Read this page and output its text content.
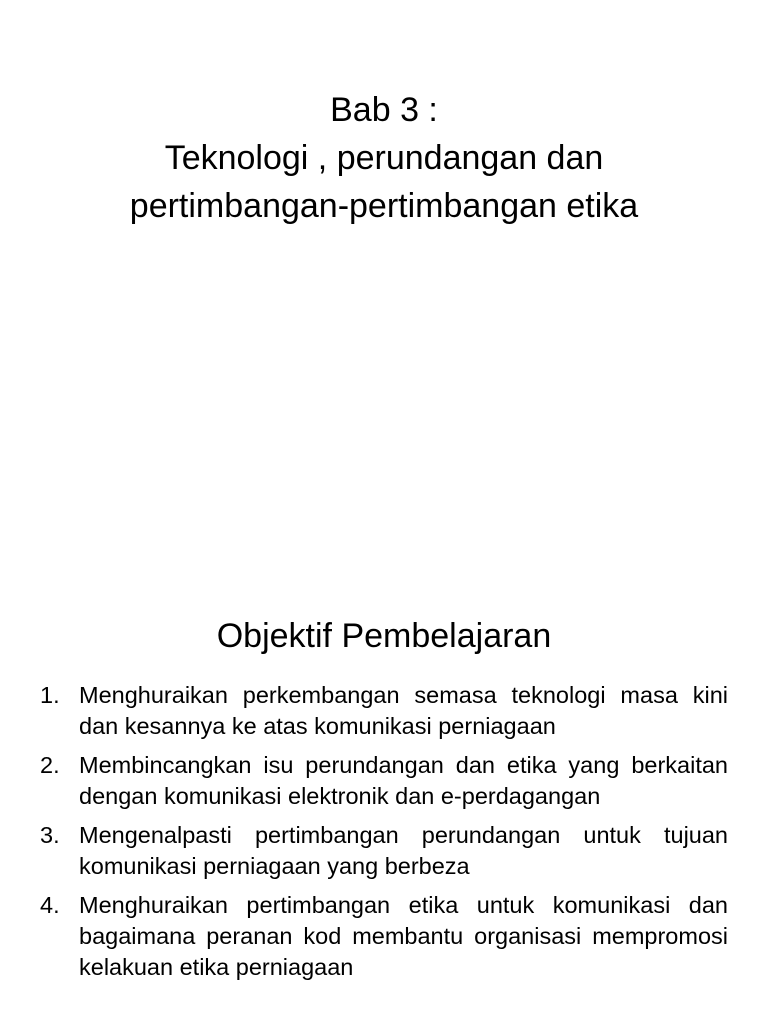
Bab 3 :
Teknologi , perundangan dan
pertimbangan-pertimbangan etika
Objektif Pembelajaran
1. Menghuraikan perkembangan semasa teknologi masa kini dan kesannya ke atas komunikasi perniagaan
2. Membincangkan isu perundangan dan etika yang berkaitan dengan komunikasi elektronik dan e-perdagangan
3. Mengenalpasti pertimbangan perundangan untuk tujuan komunikasi perniagaan yang berbeza
4. Menghuraikan pertimbangan etika untuk komunikasi dan bagaimana peranan kod membantu organisasi mempromosi kelakuan etika perniagaan
